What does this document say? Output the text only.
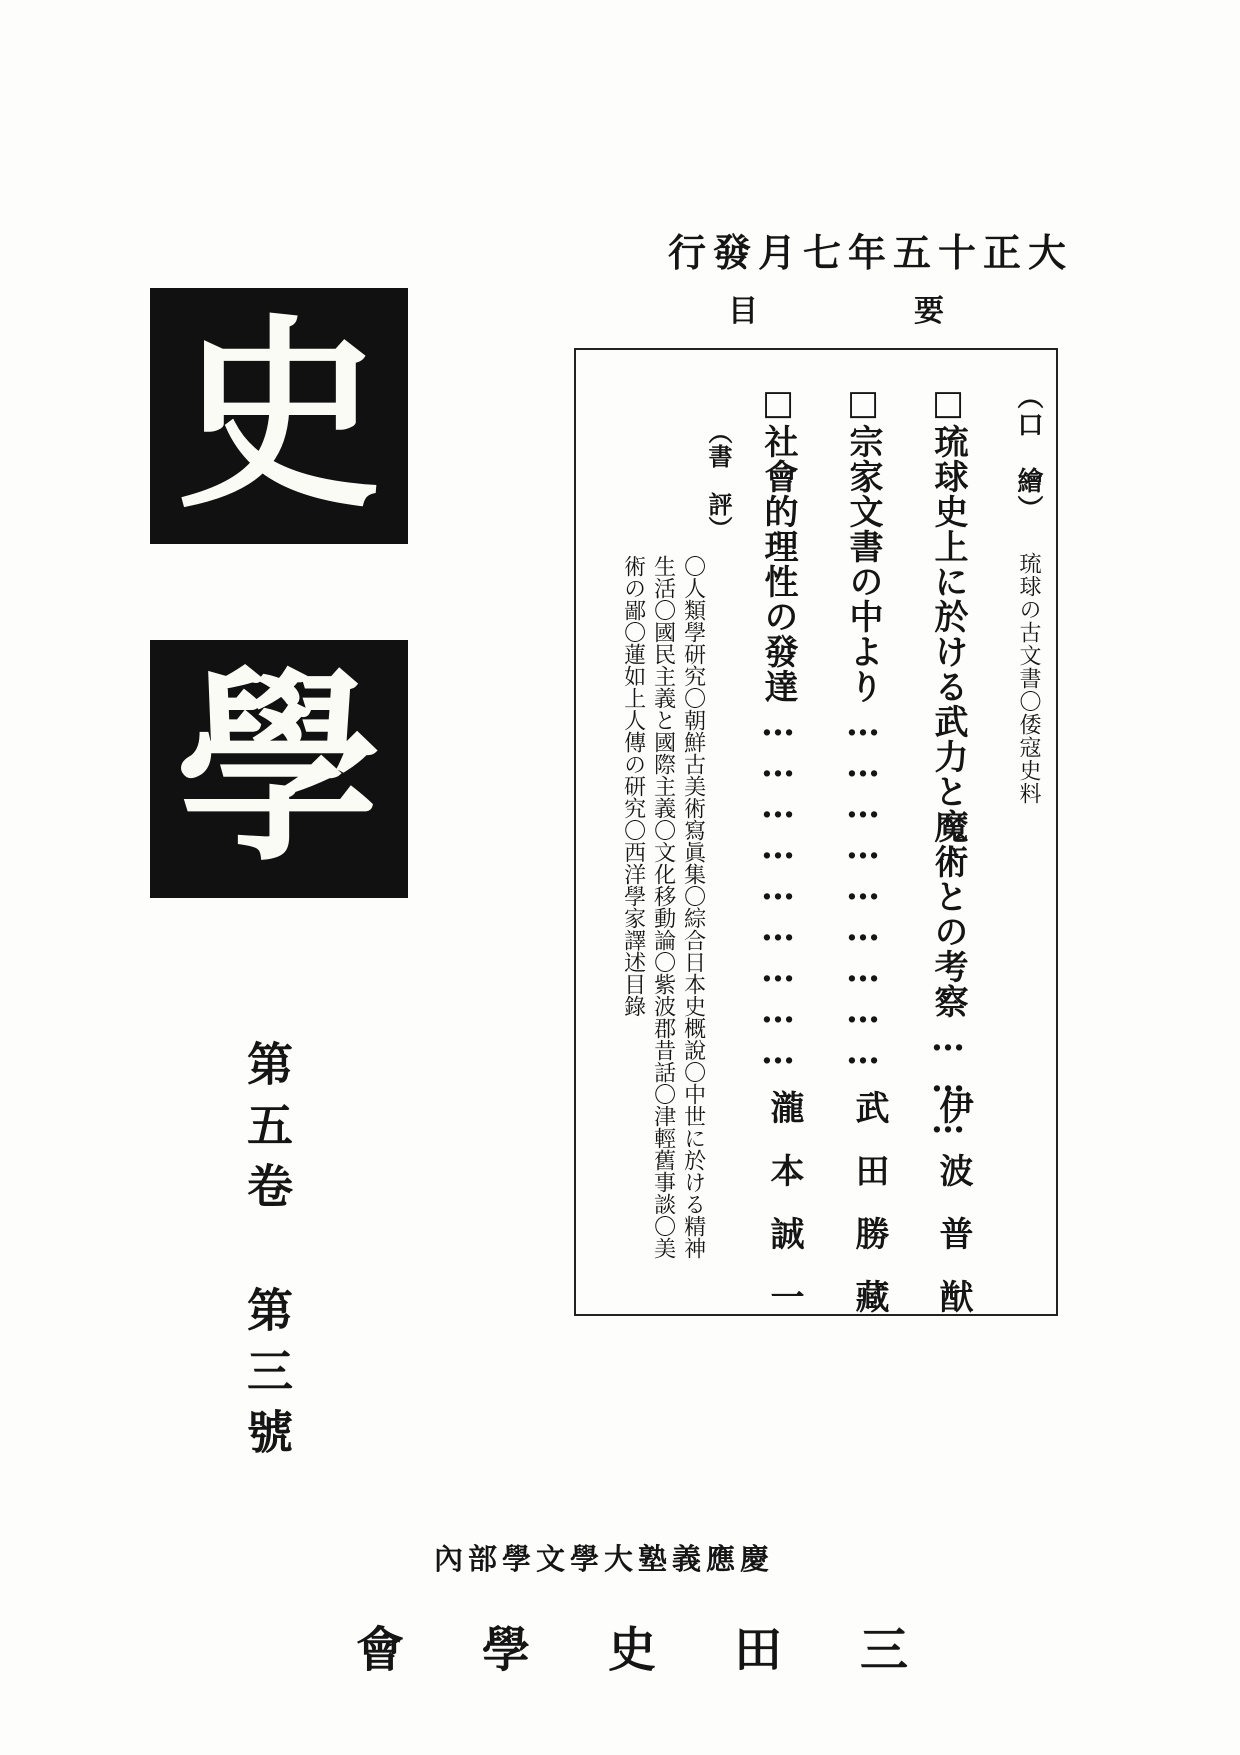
史
學
第五卷
第三號
大正十五年七月發行
要
目
（口　繪） 琉球の古文書〇倭寇史料
□琉球史上に於ける武力と魔術との考察………
伊波普猷
□宗家文書の中より………………………
武田勝藏
□社會的理性の發達………………………
瀧本誠一
（書　評）
〇人類學研究〇朝鮮古美術寫眞集〇綜合日本史概說〇中世に於ける精神
生活〇國民主義と國際主義〇文化移動論〇紫波郡昔話〇津輕舊事談〇美
術の鄙〇蓮如上人傳の研究〇西洋學家譯述目錄
慶應義塾大學文學部內
三田史學會
